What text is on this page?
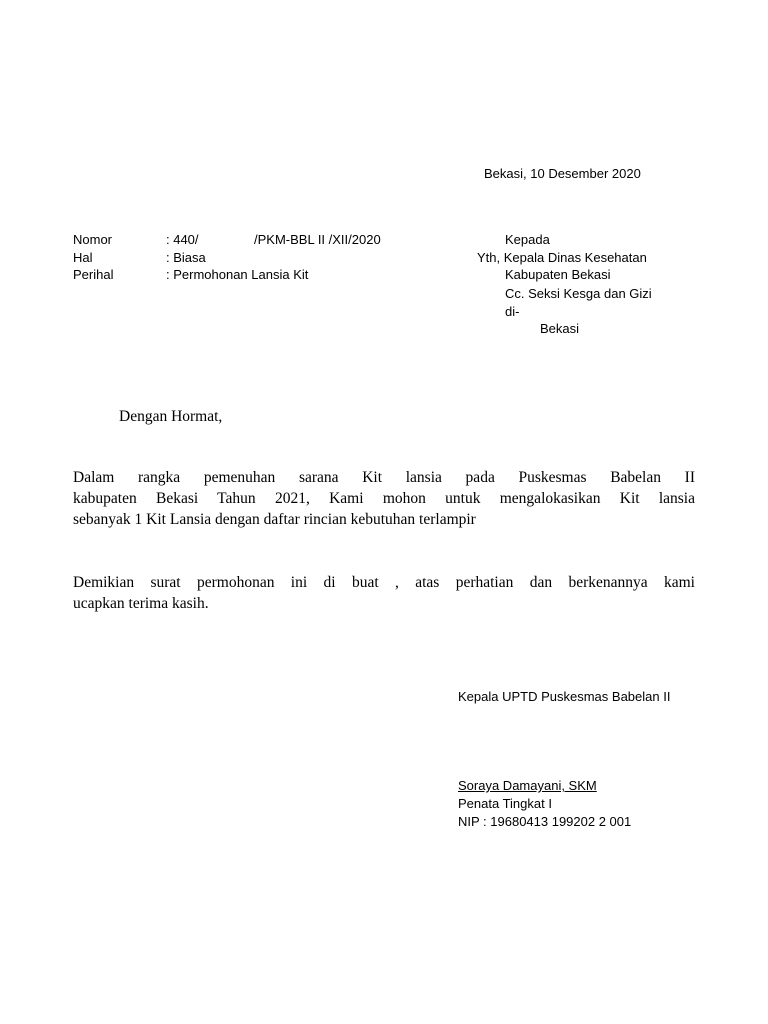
Bekasi, 10 Desember 2020
Nomor	: 440/	/PKM-BBL II /XII/2020
Hal	: Biasa
Perihal	: Permohonan Lansia Kit
Kepada
Yth, Kepala Dinas Kesehatan
Kabupaten Bekasi
Cc. Seksi Kesga dan Gizi
di-
Bekasi
Dengan Hormat,
Dalam rangka pemenuhan sarana Kit lansia pada Puskesmas Babelan II
kabupaten Bekasi Tahun 2021, Kami mohon untuk mengalokasikan Kit lansia
sebanyak 1 Kit Lansia dengan daftar rincian kebutuhan terlampir
Demikian surat permohonan ini di buat , atas perhatian dan berkenannya kami
ucapkan terima kasih.
Kepala UPTD Puskesmas Babelan II
Soraya Damayani, SKM
Penata Tingkat I
NIP : 19680413 199202 2 001
